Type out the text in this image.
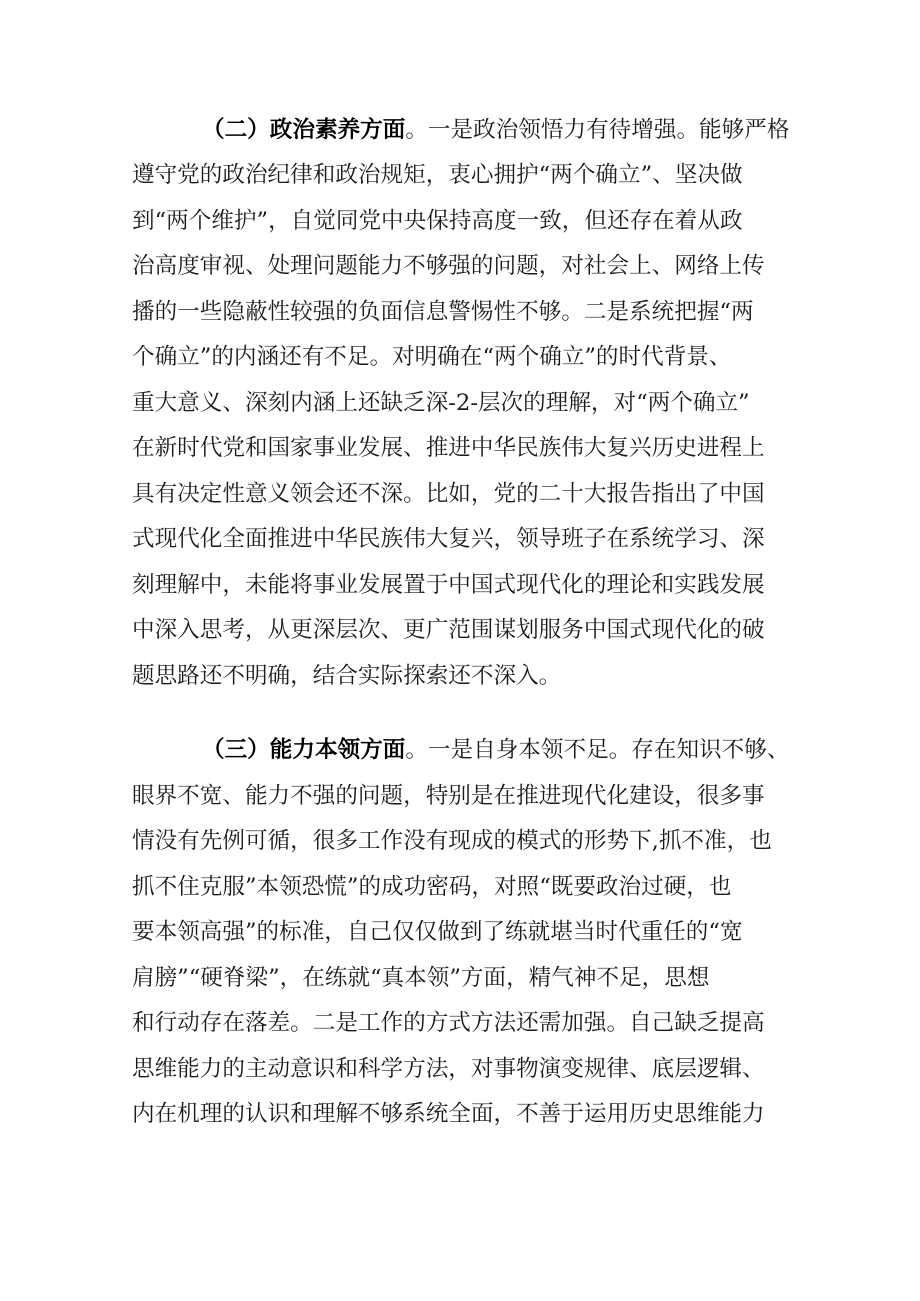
（二）政治素养方面。一是政治领悟力有待增强。能够严格
遵守党的政治纪律和政治规矩，衷心拥护“两个确立”、坚决做
到“两个维护”，自觉同党中央保持高度一致，但还存在着从政
治高度审视、处理问题能力不够强的问题，对社会上、网络上传
播的一些隐蔽性较强的负面信息警惕性不够。二是系统把握“两
个确立”的内涵还有不足。对明确在“两个确立”的时代背景、
重大意义、深刻内涵上还缺乏深-2-层次的理解，对“两个确立”
在新时代党和国家事业发展、推进中华民族伟大复兴历史进程上
具有决定性意义领会还不深。比如，党的二十大报告指出了中国
式现代化全面推进中华民族伟大复兴，领导班子在系统学习、深
刻理解中，未能将事业发展置于中国式现代化的理论和实践发展
中深入思考，从更深层次、更广范围谋划服务中国式现代化的破
题思路还不明确，结合实际探索还不深入。
（三）能力本领方面。一是自身本领不足。存在知识不够、
眼界不宽、能力不强的问题，特别是在推进现代化建设，很多事
情没有先例可循，很多工作没有现成的模式的形势下,抓不准，也
抓不住克服”本领恐慌”的成功密码，对照“既要政治过硬，也
要本领高强”的标准，自己仅仅做到了练就堪当时代重任的“宽
肩膀”“硬脊梁”，在练就“真本领”方面，精气神不足，思想
和行动存在落差。二是工作的方式方法还需加强。自己缺乏提高
思维能力的主动意识和科学方法，对事物演变规律、底层逻辑、
内在机理的认识和理解不够系统全面，不善于运用历史思维能力
